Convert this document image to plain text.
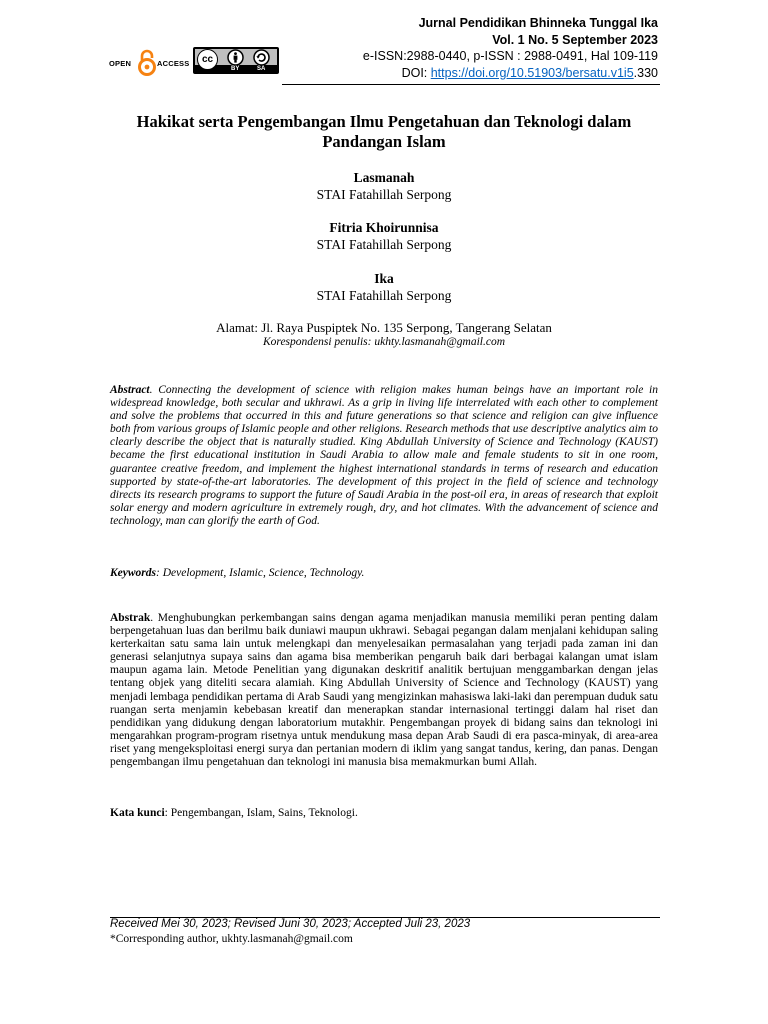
OPEN	ACCESS	cc
BY	SA
Jurnal Pendidikan Bhinneka Tunggal Ika
Vol. 1 No. 5 September 2023
e-ISSN:2988-0440, p-ISSN : 2988-0491, Hal 109-119
DOI: https://doi.org/10.51903/bersatu.v1i5.330
Hakikat serta Pengembangan Ilmu Pengetahuan dan Teknologi dalam Pandangan Islam
Lasmanah
STAI Fatahillah Serpong
Fitria Khoirunnisa
STAI Fatahillah Serpong
Ika
STAI Fatahillah Serpong
Alamat: Jl. Raya Puspiptek No. 135 Serpong, Tangerang Selatan
Korespondensi penulis: ukhty.lasmanah@gmail.com
Abstract. Connecting the development of science with religion makes human beings have an important role in widespread knowledge, both secular and ukhrawi. As a grip in living life interrelated with each other to complement and solve the problems that occurred in this and future generations so that science and religion can give influence both from various groups of Islamic people and other religions. Research methods that use descriptive analytics aim to clearly describe the object that is naturally studied. King Abdullah University of Science and Technology (KAUST) became the first educational institution in Saudi Arabia to allow male and female students to sit in one room, guarantee creative freedom, and implement the highest international standards in terms of research and education supported by state-of-the-art laboratories. The development of this project in the field of science and technology directs its research programs to support the future of Saudi Arabia in the post-oil era, in areas of research that exploit solar energy and modern agriculture in extremely rough, dry, and hot climates. With the advancement of science and technology, man can glorify the earth of God.
Keywords: Development, Islamic, Science, Technology.
Abstrak. Menghubungkan perkembangan sains dengan agama menjadikan manusia memiliki peran penting dalam berpengetahuan luas dan berilmu baik duniawi maupun ukhrawi. Sebagai pegangan dalam menjalani kehidupan saling kerterkaitan satu sama lain untuk melengkapi dan menyelesaikan permasalahan yang terjadi pada zaman ini dan generasi selanjutnya supaya sains dan agama bisa memberikan pengaruh baik dari berbagai kalangan umat islam maupun agama lain. Metode Penelitian yang digunakan deskritif analitik bertujuan menggambarkan dengan jelas tentang objek yang diteliti secara alamiah. King Abdullah University of Science and Technology (KAUST) yang menjadi lembaga pendidikan pertama di Arab Saudi yang mengizinkan mahasiswa laki-laki dan perempuan duduk satu ruangan serta menjamin kebebasan kreatif dan menerapkan standar internasional tertinggi dalam hal riset dan pendidikan yang didukung dengan laboratorium mutakhir. Pengembangan proyek di bidang sains dan teknologi ini mengarahkan program-program risetnya untuk mendukung masa depan Arab Saudi di era pasca-minyak, di area-area riset yang mengeksploitasi energi surya dan pertanian modern di iklim yang sangat tandus, kering, dan panas. Dengan pengembangan ilmu pengetahuan dan teknologi ini manusia bisa memakmurkan bumi Allah.
Kata kunci: Pengembangan, Islam, Sains, Teknologi.
Received Mei 30, 2023; Revised Juni 30, 2023; Accepted Juli 23, 2023
*Corresponding author, ukhty.lasmanah@gmail.com
